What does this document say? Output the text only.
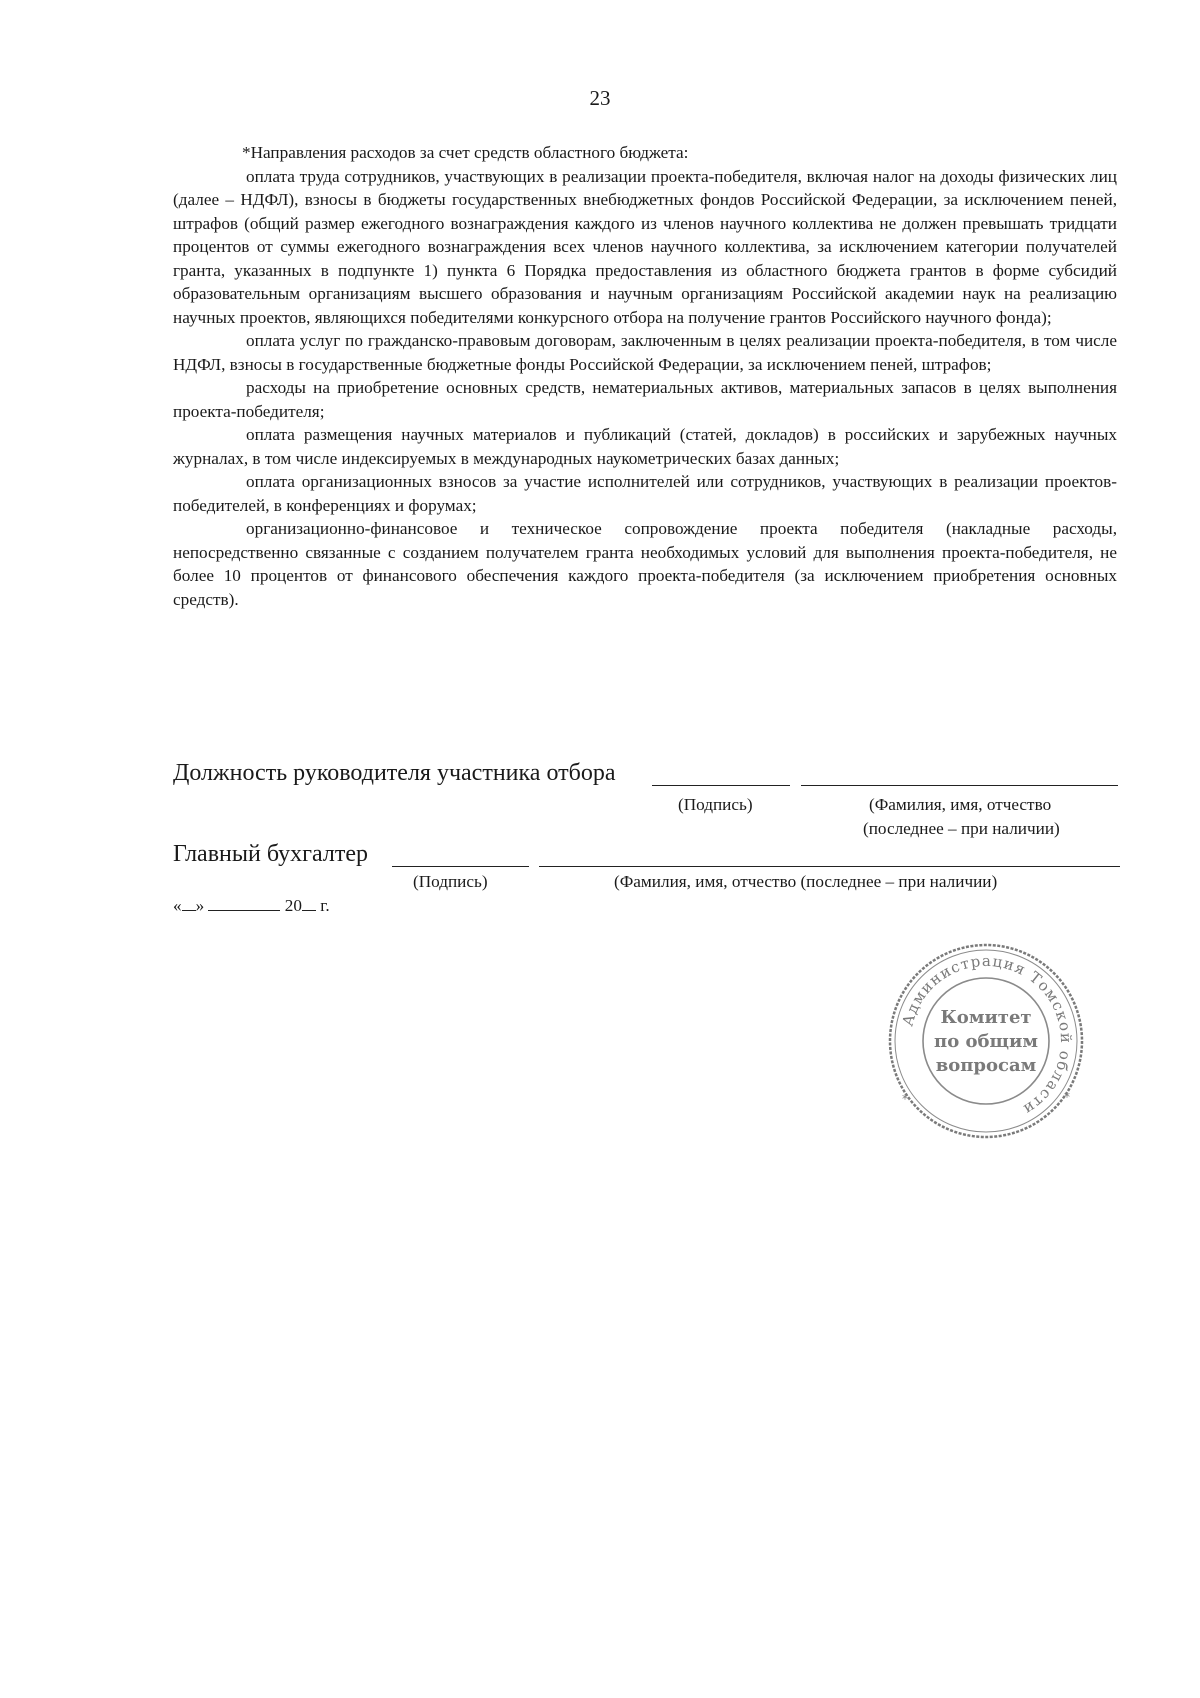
23

*Направления расходов за счет средств областного бюджета:

оплата труда сотрудников, участвующих в реализации проекта-победителя, включая налог на доходы физических лиц (далее – НДФЛ), взносы в бюджеты государственных внебюджетных фондов Российской Федерации, за исключением пеней, штрафов (общий размер ежегодного вознаграждения каждого из членов научного коллектива не должен превышать тридцати процентов от суммы ежегодного вознаграждения всех членов научного коллектива, за исключением категории получателей гранта, указанных в подпункте 1) пункта 6 Порядка предоставления из областного бюджета грантов в форме субсидий образовательным организациям высшего образования и научным организациям Российской академии наук на реализацию научных проектов, являющихся победителями конкурсного отбора на получение грантов Российского научного фонда);

оплата услуг по гражданско-правовым договорам, заключенным в целях реализации проекта-победителя, в том числе НДФЛ, взносы в государственные бюджетные фонды Российской Федерации, за исключением пеней, штрафов;

расходы на приобретение основных средств, нематериальных активов, материальных запасов в целях выполнения проекта-победителя;

оплата размещения научных материалов и публикаций (статей, докладов) в российских и зарубежных научных журналах, в том числе индексируемых в международных наукометрических базах данных;

оплата организационных взносов за участие исполнителей или сотрудников, участвующих в реализации проектов-победителей, в конференциях и форумах;

организационно-финансовое и техническое сопровождение проекта победителя (накладные расходы, непосредственно связанные с созданием получателем гранта необходимых условий для выполнения проекта-победителя, не более 10 процентов от финансового обеспечения каждого проекта-победителя (за исключением приобретения основных средств).

Должность руководителя участника отбора
(Подпись)	(Фамилия, имя, отчество
(последнее – при наличии)
Главный бухгалтер
(Подпись)	(Фамилия, имя, отчество (последнее – при наличии)
« »	20 г.
Администрация Томской области
*	*
Комитет
по общим
вопросам
